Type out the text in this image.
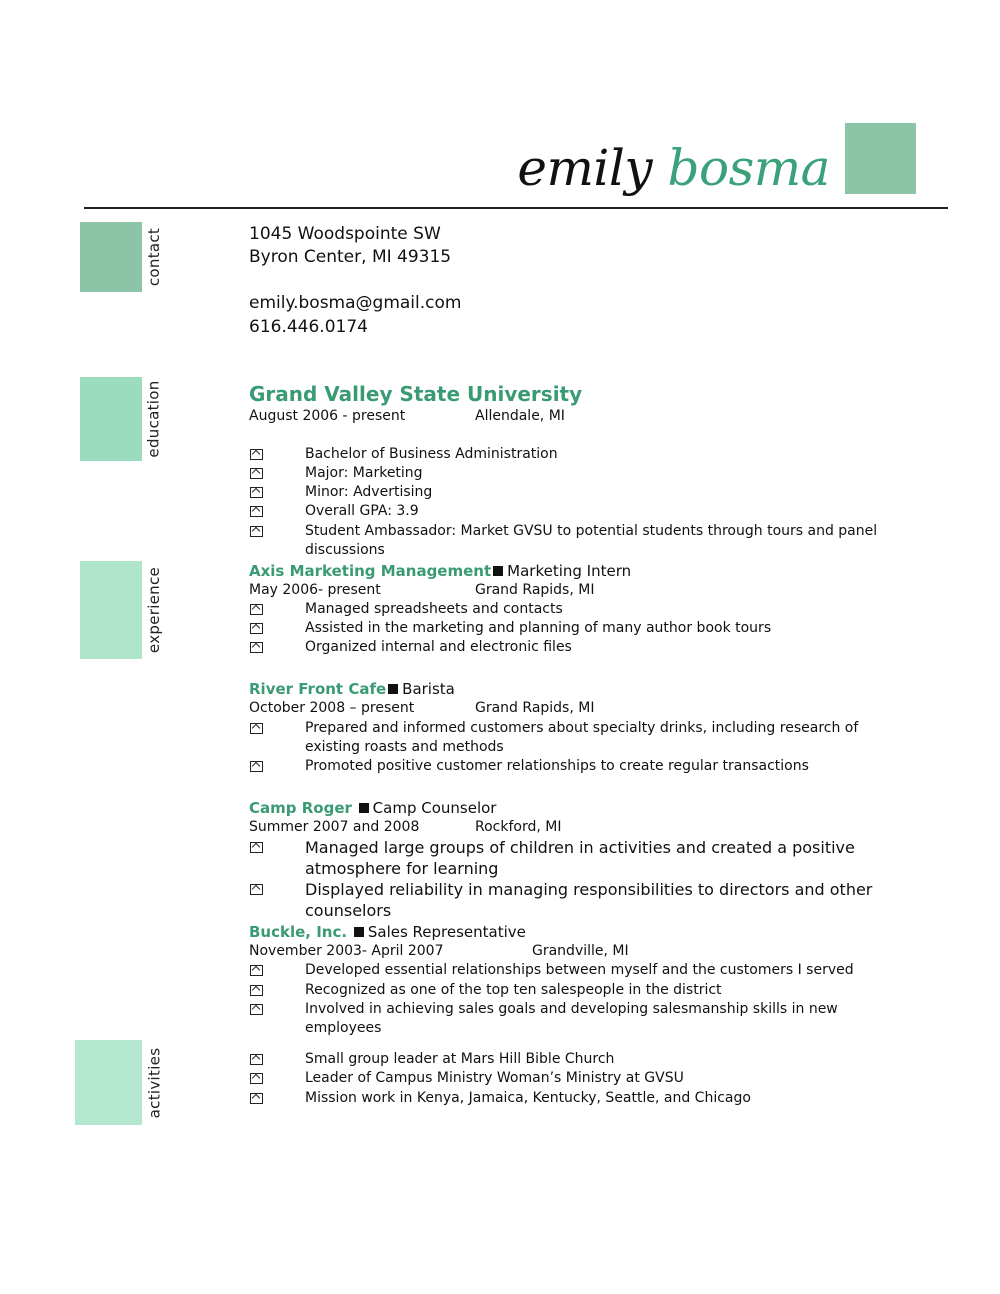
emily bosma
contact
education
experience
activities
1045 Woodspointe SW
Byron Center, MI 49315
emily.bosma@gmail.com
616.446.0174
Grand Valley State University
August 2006 - present	Allendale, MI
Bachelor of Business Administration
Major: Marketing
Minor: Advertising
Overall GPA: 3.9
Student Ambassador: Market GVSU to potential students through tours and panel discussions
Axis Marketing Management Marketing Intern
May 2006- present	Grand Rapids, MI
Managed spreadsheets and contacts
Assisted in the marketing and planning of many author book tours
Organized internal and electronic files
River Front Cafe Barista
October 2008 – present	Grand Rapids, MI
Prepared and informed customers about specialty drinks, including research of existing roasts and methods
Promoted positive customer relationships to create regular transactions
Camp Roger Camp Counselor
Summer 2007 and 2008	Rockford, MI
Managed large groups of children in activities and created a positive atmosphere for learning
Displayed reliability in managing responsibilities to directors and other counselors
Buckle, Inc. Sales Representative
November 2003- April 2007	Grandville, MI
Developed essential relationships between myself and the customers I served
Recognized as one of the top ten salespeople in the district
Involved in achieving sales goals and developing salesmanship skills in new employees
Small group leader at Mars Hill Bible Church
Leader of Campus Ministry Woman’s Ministry at GVSU
Mission work in Kenya, Jamaica, Kentucky, Seattle, and Chicago
